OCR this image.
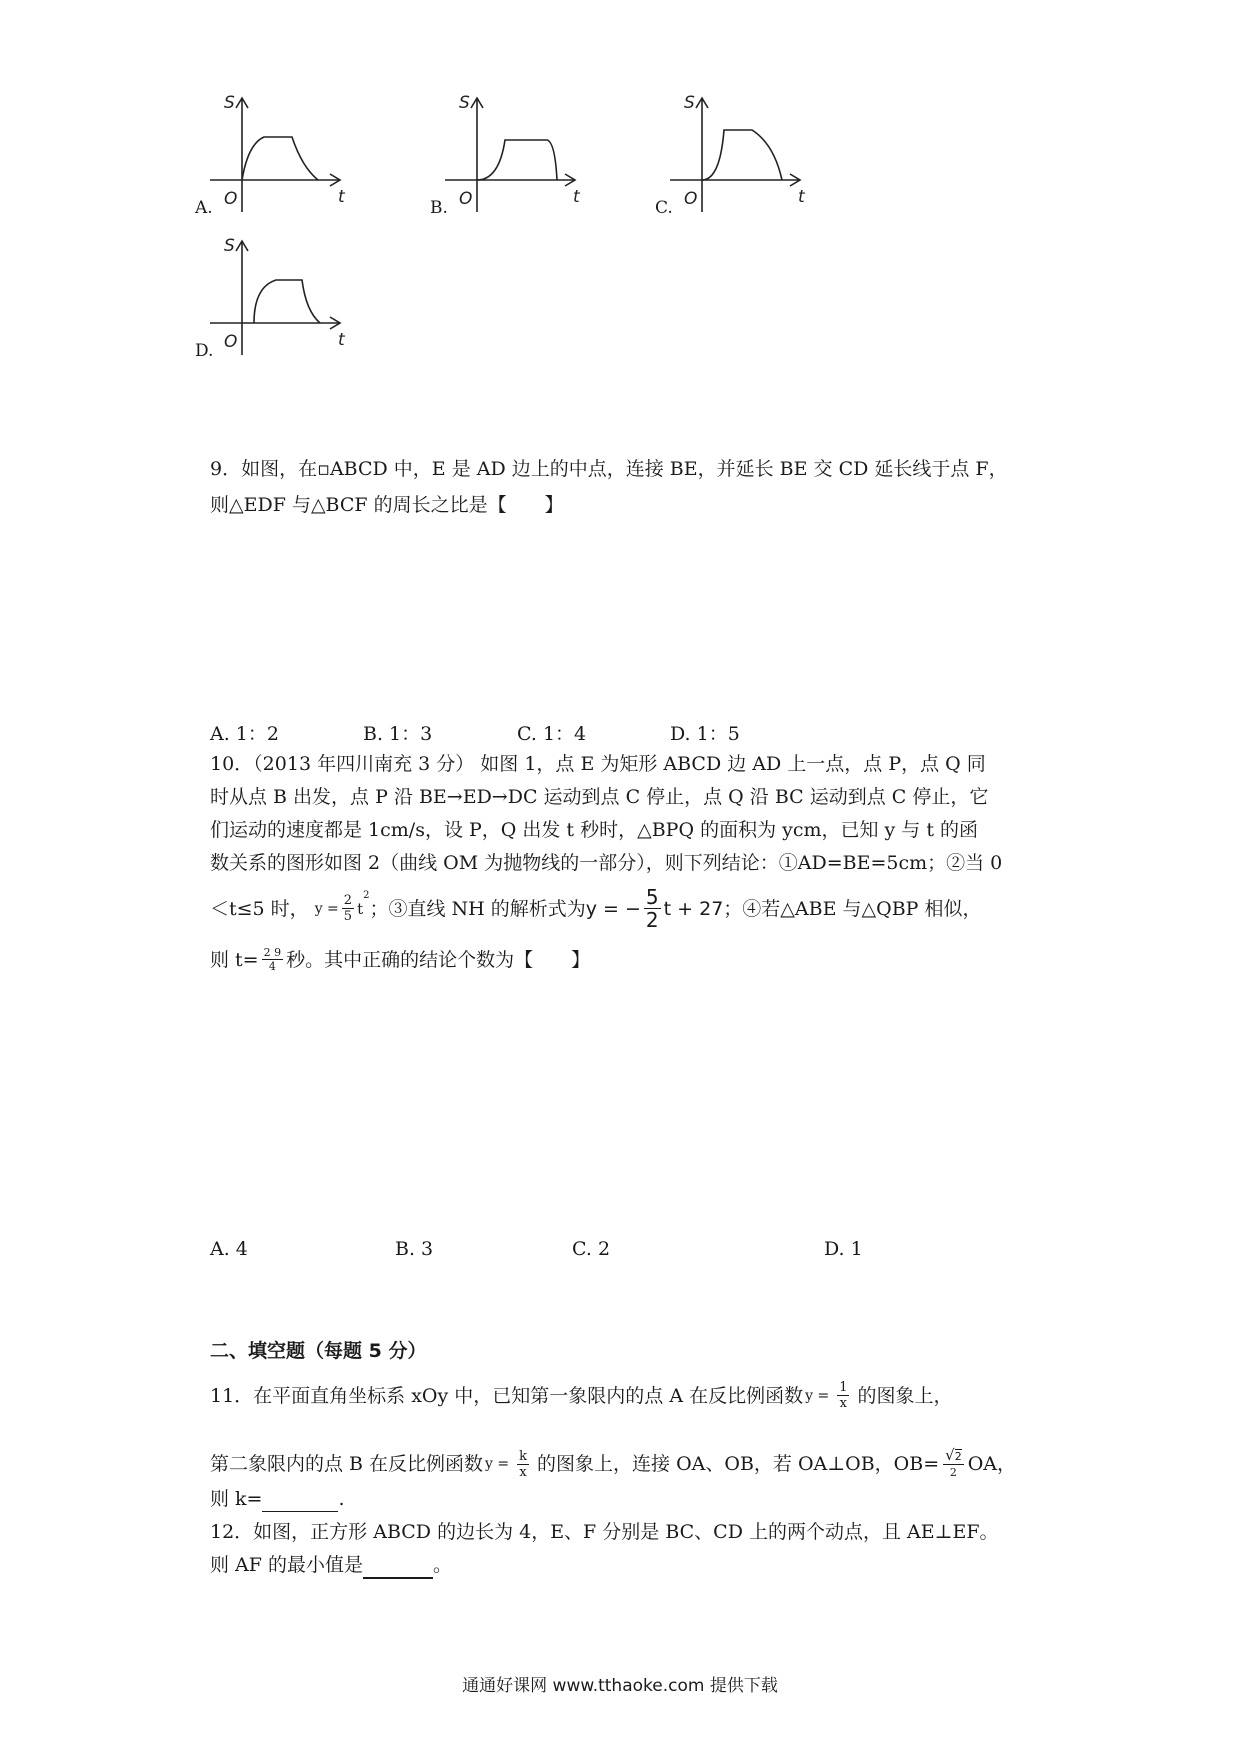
A.	B.	C.
D.
S
O	t
S
O	t
S
O	t
S
O	t
9．如图，在▫ABCD 中，E 是 AD 边上的中点，连接 BE，并延长 BE 交 CD 延长线于点 F，
则△EDF 与△BCF 的周长之比是【　　】
A. 1：2	B. 1：3	C. 1：4	D. 1：5
10．（2013 年四川南充 3 分） 如图 1，点 E 为矩形 ABCD 边 AD 上一点，点 P，点 Q 同
时从点 B 出发，点 P 沿 BE→ED→DC 运动到点 C 停止，点 Q 沿 BC 运动到点 C 停止，它
们运动的速度都是 1cm/s，设 P，Q 出发 t 秒时，△BPQ 的面积为 ycm，已知 y 与 t 的函
数关系的图形如图 2（曲线 OM 为抛物线的一部分），则下列结论：①AD=BE=5cm；②当 0
＜t≤5 时， $y = \frac{2}{5}$ t
$^2$
；③直线 NH 的解析式为 y = − $\frac{5}{2}$ t + 27 ；④若△ABE 与△QBP 相似，
则 $t= \frac{2 9}{4}$ 秒。其中正确的结论个数为【　　】
A. 4	B. 3	C. 2	D. 1
二、填空题（每题 5 分）
11．在平面直角坐标系 xOy 中，已知第一象限内的点 A 在反比例函数 $y = \frac{1}{x}$ 的图象上，
第二象限内的点 B 在反比例函数 $y = \frac{k}{x}$ 的图象上，连接 OA、OB，若 OA⊥OB，$OB= \frac{√2}{2}$ OA，
则 k=	.
12．如图，正方形 ABCD 的边长为 4，E、F 分别是 BC、CD 上的两个动点，且 AE⊥EF。
则 AF 的最小值是	。
通通好课网 www.tthaoke.com 提供下载
